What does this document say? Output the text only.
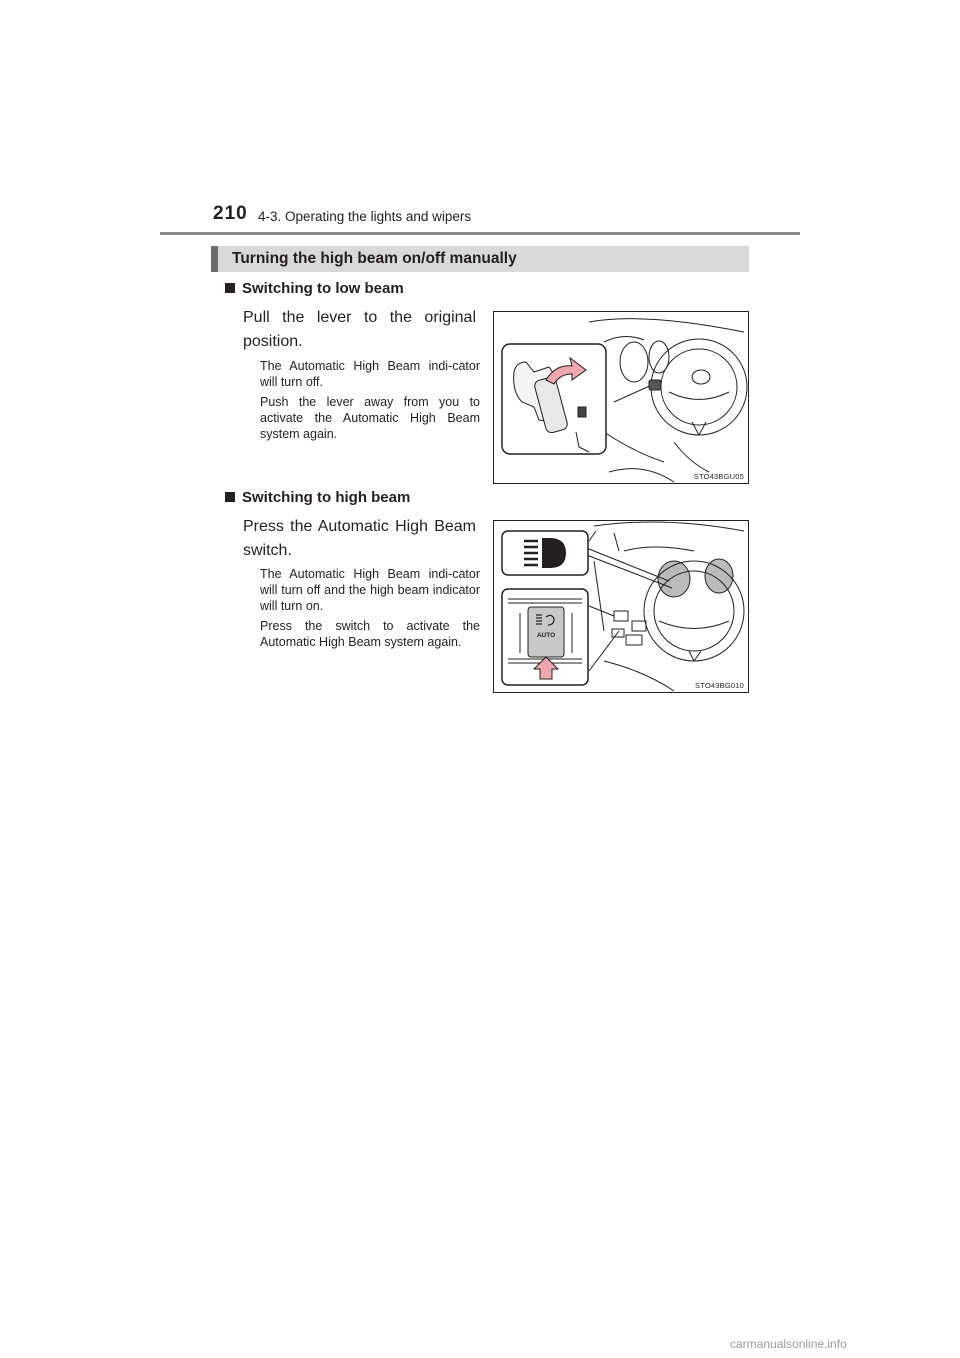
210 4-3. Operating the lights and wipers
Turning the high beam on/off manually
Switching to low beam
Pull the lever to the original position.

The Automatic High Beam indi-cator will turn off.

Push the lever away from you to activate the Automatic High Beam system again.

STO43BGU05
Switching to high beam
Press the Automatic High Beam switch.

The Automatic High Beam indi-cator will turn off and the high beam indicator will turn on.

Press the switch to activate the Automatic High Beam system again.	AUTO
STO43BG010
carmanualsonline.info
